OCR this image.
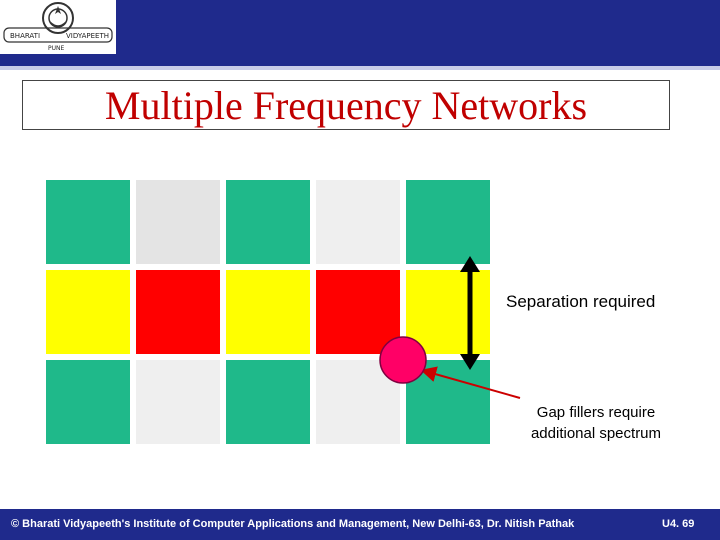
BHARATI	VIDYAPEETH
PUNE
Multiple Frequency Networks
Separation required
Gap fillers require additional spectrum
© Bharati Vidyapeeth's Institute of Computer Applications and Management, New Delhi-63, Dr. Nitish Pathak	U4. 69
